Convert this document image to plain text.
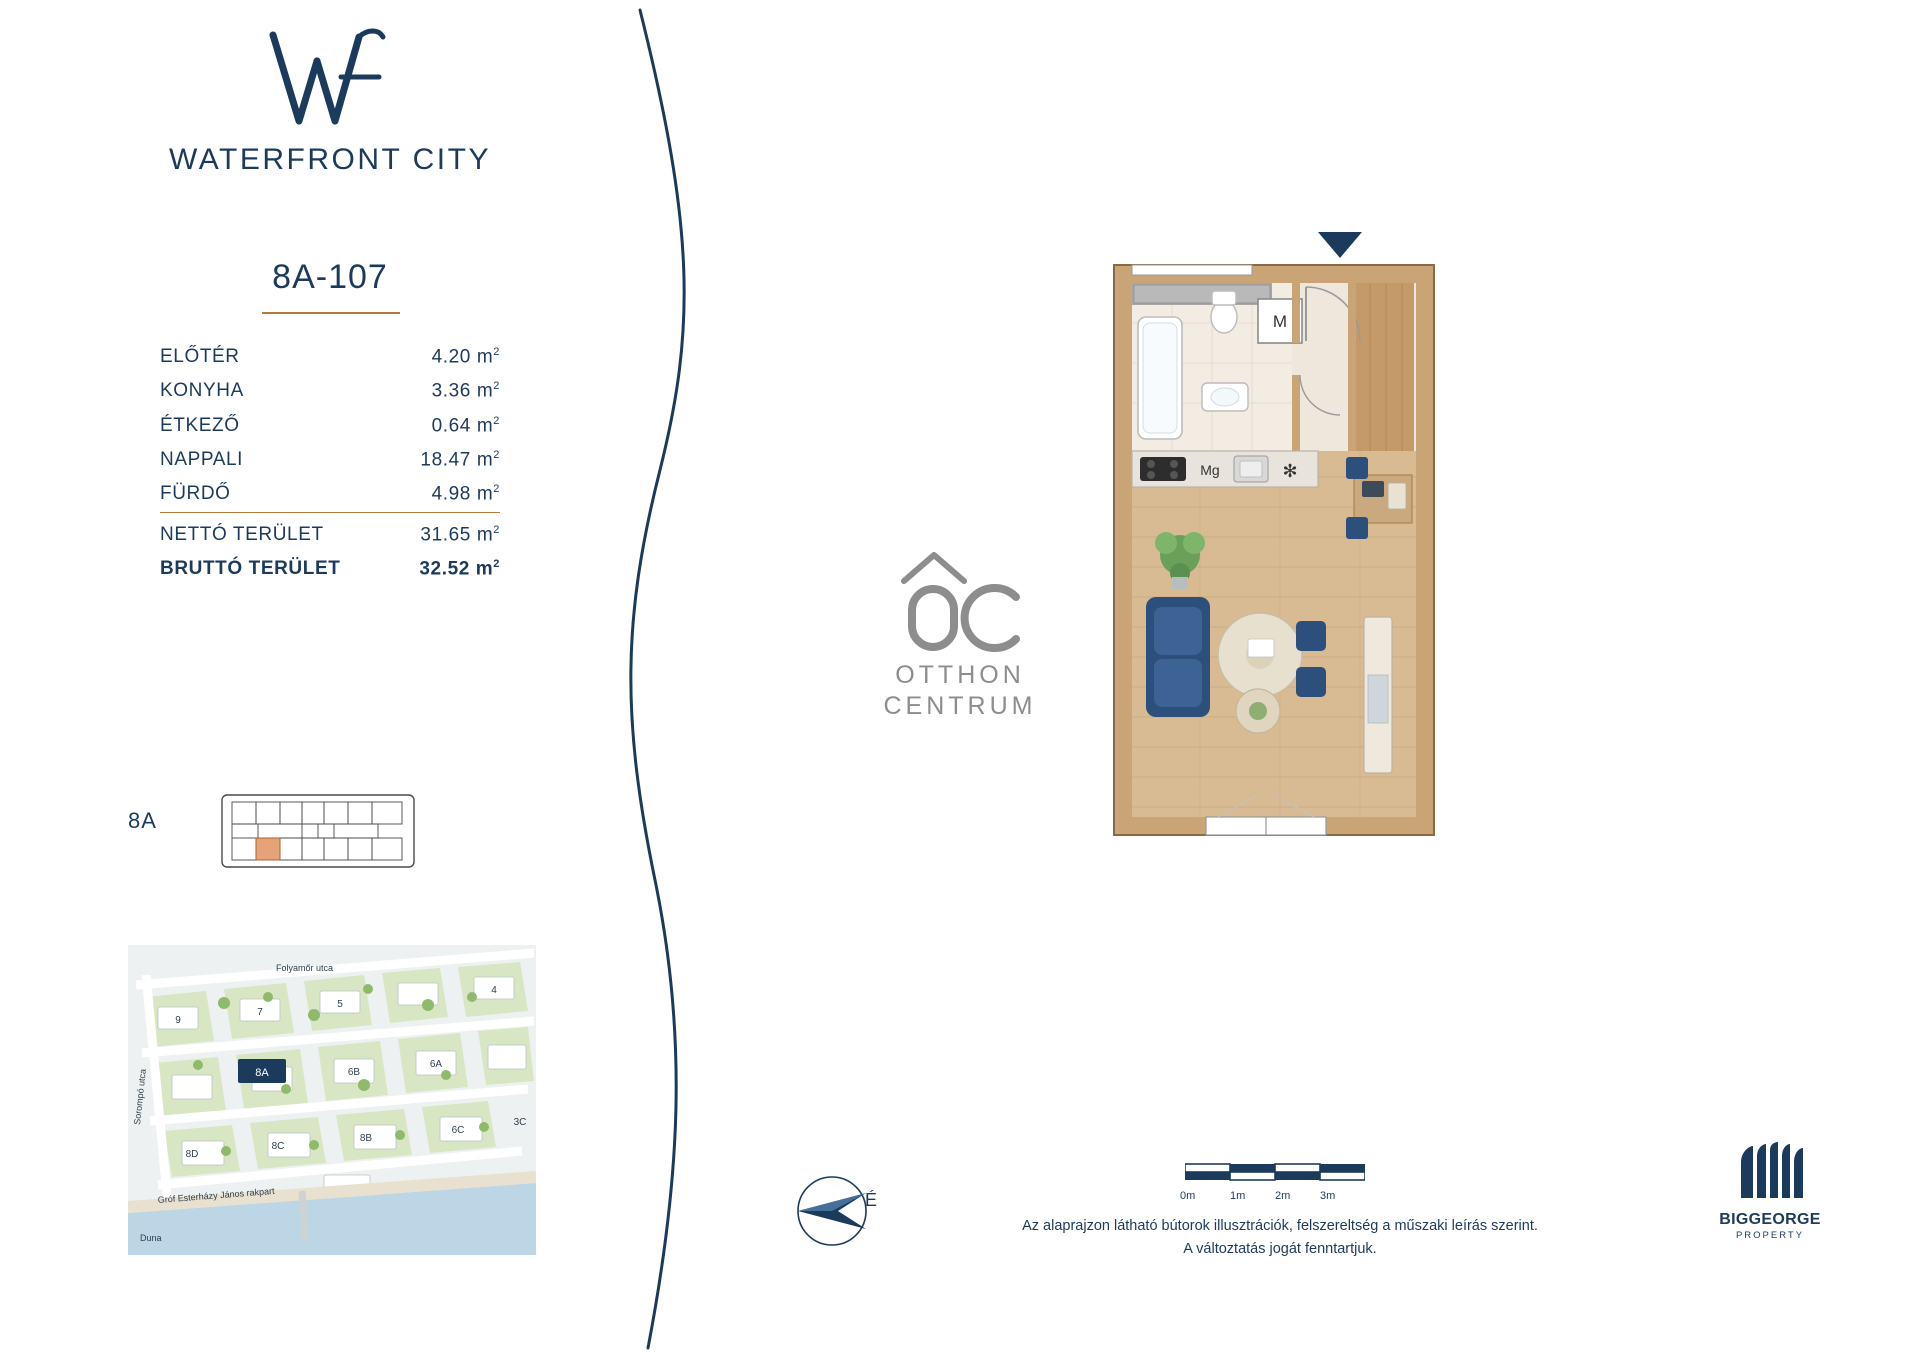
WATERFRONT CITY
8A-107
ELŐTÉR	4.20 $m^2$
KONYHA	3.36 $m^2$
ÉTKEZŐ	0.64 $m^2$
NAPPALI	18.47 $m^2$
FÜRDŐ	4.98 $m^2$
NETTÓ TERÜLET	31.65 $m^2$
BRUTTÓ TERÜLET	32.52 $m^2$
8A
Folyamőr utca
Sorompó utca
Gróf Esterházy János rakpart
Duna
9
7
5
4
8D
8C
8B
6B
6A
6C
3C
8A
OTTHON
CENTRUM
M
Mg	✻
É	0m	1m	2m	3m
Az alaprajzon látható bútorok illusztrációk, felszereltség a műszaki leírás szerint.
A változtatás jogát fenntartjuk.
BIGGEORGE
PROPERTY
